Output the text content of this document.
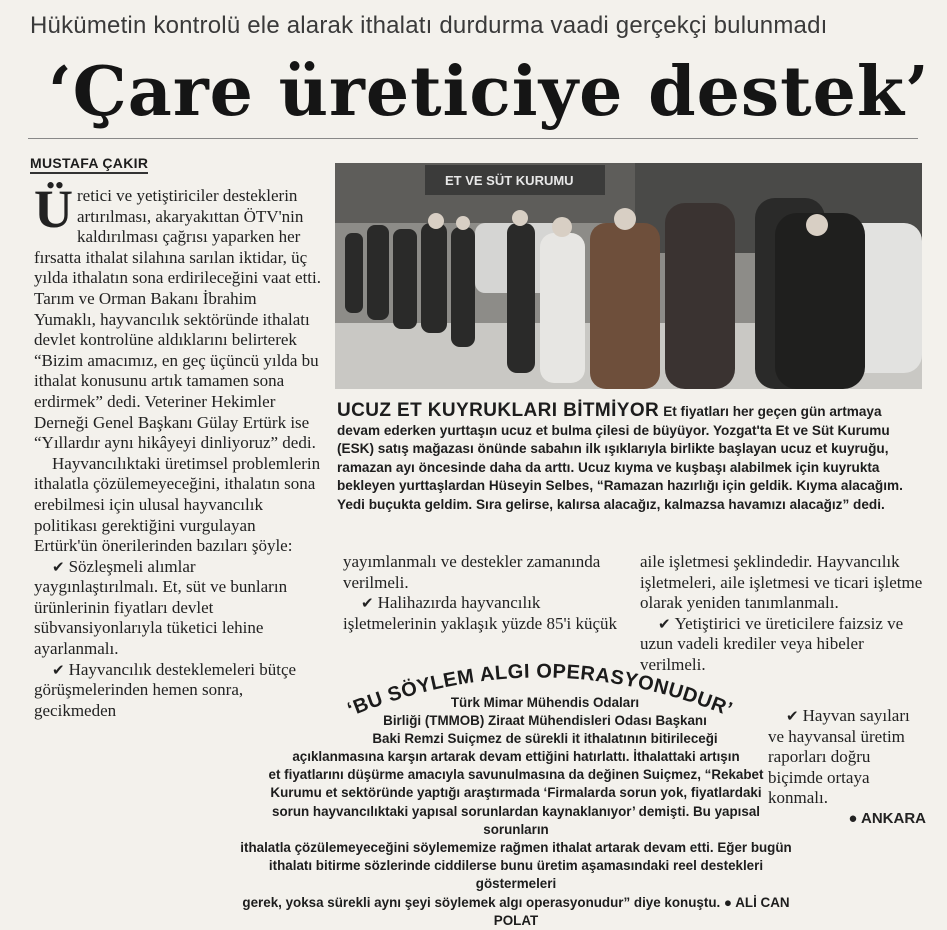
Hükümetin kontrolü ele alarak ithalatı durdurma vaadi gerçekçi bulunmadı
‘Çare üreticiye destek’
MUSTAFA ÇAKIR

Üretici ve yetiştiriciler desteklerin artırılması, akaryakıttan ÖTV'nin kaldırılması çağrısı yaparken her fırsatta ithalat silahına sarılan iktidar, üç yılda ithalatın sona erdirileceğini vaat etti. Tarım ve Orman Bakanı İbrahim Yumaklı, hayvancılık sektöründe ithalatı devlet kontrolüne aldıklarını belirterek “Bizim amacımız, en geç üçüncü yılda bu ithalat konusunu artık tamamen sona erdirmek” dedi. Veteriner Hekimler Derneği Genel Başkanı Gülay Ertürk ise “Yıllardır aynı hikâyeyi dinliyoruz” dedi.

Hayvancılıktaki üretimsel problemlerin ithalatla çözülemeyeceğini, ithalatın sona erebilmesi için ulusal hayvancılık politikası gerektiğini vurgulayan Ertürk'ün önerilerinden bazıları şöyle:

✔ Sözleşmeli alımlar yaygınlaştırılmalı. Et, süt ve bunların ürünlerinin fiyatları devlet sübvansiyonlarıyla tüketici lehine ayarlanmalı.

✔ Hayvancılık desteklemeleri bütçe görüşmelerinden hemen sonra, gecikmeden

ET VE SÜT KURUMU
UCUZ ET KUYRUKLARI BİTMİYOR Et fiyatları her geçen gün artmaya devam ederken yurttaşın ucuz et bulma çilesi de büyüyor. Yozgat'ta Et ve Süt Kurumu (ESK) satış mağazası önünde sabahın ilk ışıklarıyla birlikte başlayan ucuz et kuyruğu, ramazan ayı öncesinde daha da arttı. Ucuz kıyma ve kuşbaşı alabilmek için kuyrukta bekleyen yurttaşlardan Hüseyin Selbes, “Ramazan hazırlığı için geldik. Kıyma alacağım. Yedi buçukta geldim. Sıra gelirse, kalırsa alacağız, kalmazsa havamızı alacağız” dedi.

yayımlanmalı ve destekler zamanında verilmeli.

✔ Halihazırda hayvancılık işletmelerinin yaklaşık yüzde 85'i küçük

aile işletmesi şeklindedir. Hayvancılık işletmeleri, aile işletmesi ve ticari işletme olarak yeniden tanımlanmalı.

✔ Yetiştirici ve üreticilere faizsiz ve uzun vadeli krediler veya hibeler verilmeli.

✔ Hayvan sayıları ve hayvansal üretim raporları doğru biçimde ortaya konmalı.

● ANKARA

‘BU SÖYLEM ALGI OPERASYONUDUR’
Türk Mimar Mühendis Odaları
Birliği (TMMOB) Ziraat Mühendisleri Odası Başkanı
Baki Remzi Suiçmez de sürekli it ithalatının bitirileceği
açıklanmasına karşın artarak devam ettiğini hatırlattı. İthalattaki artışın
et fiyatlarını düşürme amacıyla savunulmasına da değinen Suiçmez, “Rekabet
Kurumu et sektöründe yaptığı araştırmada ‘Firmalarda sorun yok, fiyatlardaki
sorun hayvancılıktaki yapısal sorunlardan kaynaklanıyor’ demişti. Bu yapısal sorunların
ithalatla çözülemeyeceğini söylememize rağmen ithalat artarak devam etti. Eğer bugün
ithalatı bitirme sözlerinde ciddilerse bunu üretim aşamasındaki reel destekleri göstermeleri
gerek, yoksa sürekli aynı şeyi söylemek algı operasyonudur” diye konuştu. ● ALİ CAN POLAT
